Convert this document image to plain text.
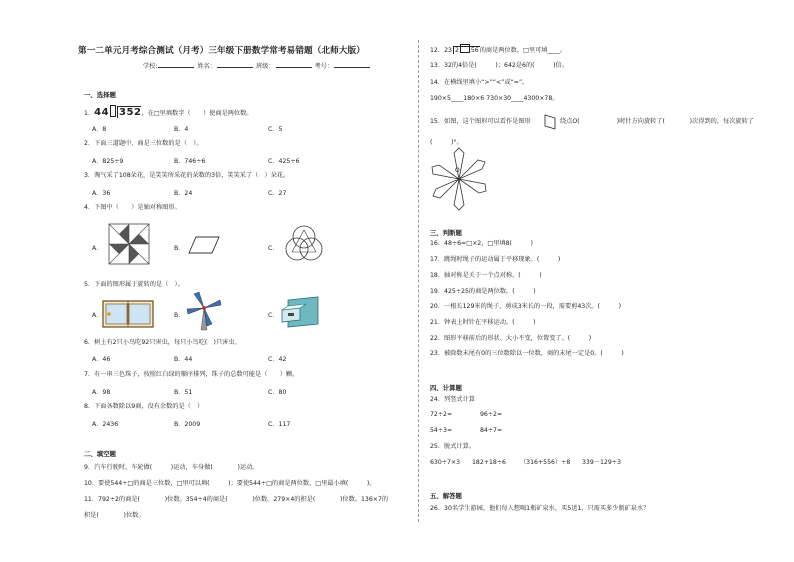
第一二单元月考综合测试（月考）三年级下册数学常考易错题（北师大版）
学校:	姓名：	班级：	考号：
一、选择题
1．44 352，在□里填数字（　　）使商是两位数。
A．8	B．4	C．5
2．下面三道题中，商是三位数的是（　）。
A．825÷9	B．746÷6	C．425÷6
3．淘气采了108朵花，是笑笑所采花的朵数的3倍，笑笑采了（　）朵花。
A．36	B．24	C．27
4．下图中（　　）是轴对称图形。
A．	B．	C．
5．下面的图形属于旋转的是（　）。
A．	B．	C．
6．树上有2只小鸟吃92只害虫，每只小鸟吃(　)只害虫。
A．46	B．44	C．42
7．有一串三色珠子，按照红白绿的顺序排列，珠子的总数可能是（　　）颗。
A．98	B．51	C．80
8．下面各数除以9商，没有余数的是（　）
A．2436	B．2009	C．117
二、填空题
9．汽车行驶时，车轮做(　　　)运动，车身做(　　　　)运动。
10．要使544÷□的商是三位数，□里可以填(　　　)；要使544÷□的商是两位数，□里最小填(　　　)。
11．792÷2的商是(　　　　)位数。354÷4的商是(　　　　)位数。279×4的积是(　　　　)位数。136×7的
积是(　　　　)位数。
12．23 2 56的商是两位数，□里可填____。
13．32的4倍是(　　　)；642是6的(　　　)倍。
14．在横线里填小“>”“<”或“=”。
190×5____180×6 730×30____4300×78。
15．如图，这个图形可以看作是图形	绕点O(　　　　　　)时针方向旋转了(　　　　)次得到的，每次旋转了
(　　　)°。
O
三、判断题
16．48÷6=□×2，□里填8(　　　)
17．跳绳时绳子的运动属于平移现象。(　　　)
18．轴对称是关于一个点对称。(　　　)
19．425÷25的商是两位数。(　　　)
20．一根长129米的绳子，剪成3米长的一段，需要剪43次。(　　　)
21．钟表上时针在平移运动。(　　　)
22．图形平移前后的形状、大小不变，位置变了。(　　　)
23．被除数末尾有0的三位数除以一位数，商的末尾一定是0。(　　　)
四、计算题
24．列竖式计算
72÷2=	96÷2=
54÷3=	84÷7=
25．脱式计算。
630÷7×3 182+18÷6 （316+556）÷8 339－129÷3
五、解答题
26．30名学生游园，他们每人想喝1瓶矿泉水，买5送1，只需买多少瓶矿泉水？
